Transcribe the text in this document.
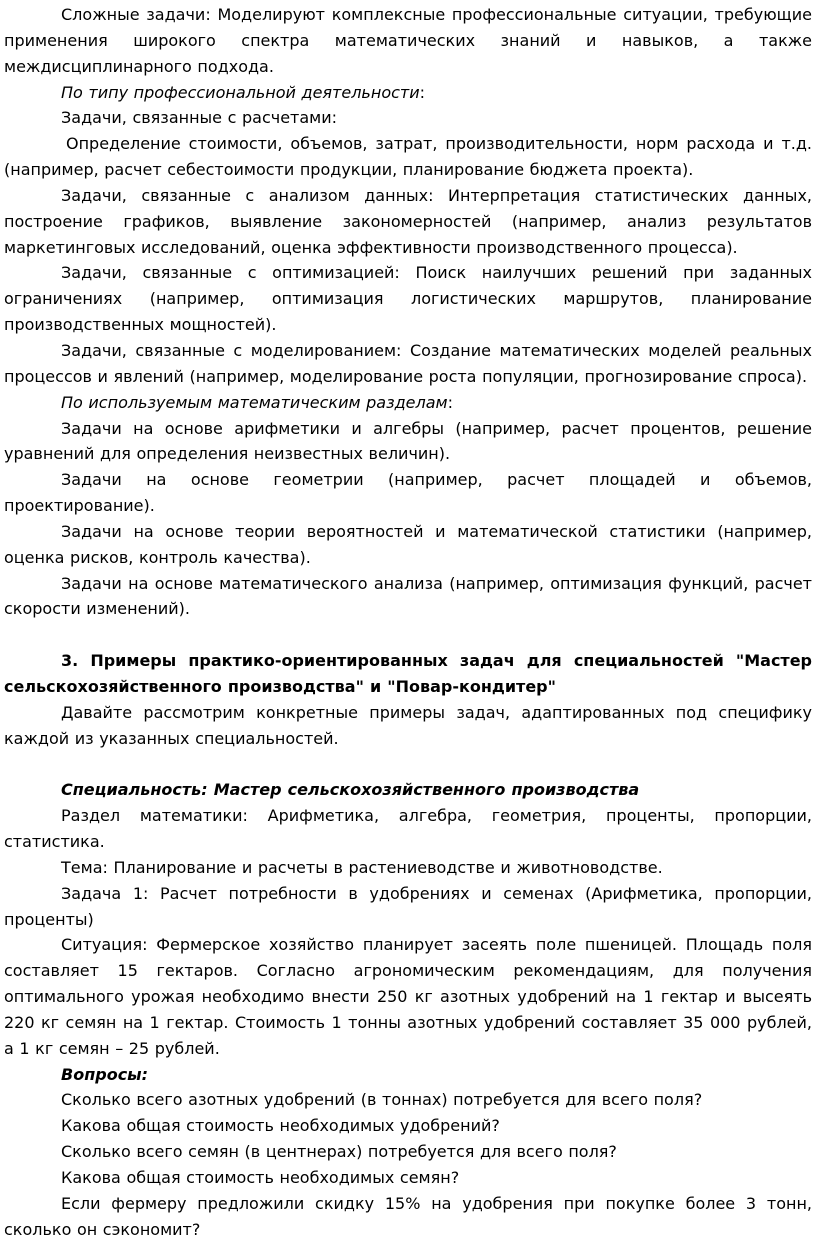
Сложные задачи: Моделируют комплексные профессиональные ситуации, требующие применения широкого спектра математических знаний и навыков, а также междисциплинарного подхода.

По типу профессиональной деятельности:

Задачи, связанные с расчетами:

Определение стоимости, объемов, затрат, производительности, норм расхода и т.д. (например, расчет себестоимости продукции, планирование бюджета проекта).

Задачи, связанные с анализом данных: Интерпретация статистических данных, построение графиков, выявление закономерностей (например, анализ результатов маркетинговых исследований, оценка эффективности производственного процесса).

Задачи, связанные с оптимизацией: Поиск наилучших решений при заданных ограничениях (например, оптимизация логистических маршрутов, планирование производственных мощностей).

Задачи, связанные с моделированием: Создание математических моделей реальных процессов и явлений (например, моделирование роста популяции, прогнозирование спроса).

По используемым математическим разделам:

Задачи на основе арифметики и алгебры (например, расчет процентов, решение уравнений для определения неизвестных величин).

Задачи на основе геометрии (например, расчет площадей и объемов, проектирование).

Задачи на основе теории вероятностей и математической статистики (например, оценка рисков, контроль качества).

Задачи на основе математического анализа (например, оптимизация функций, расчет скорости изменений).

3. Примеры практико-ориентированных задач для специальностей "Мастер сельскохозяйственного производства" и "Повар-кондитер"

Давайте рассмотрим конкретные примеры задач, адаптированных под специфику каждой из указанных специальностей.

Специальность: Мастер сельскохозяйственного производства

Раздел математики: Арифметика, алгебра, геометрия, проценты, пропорции, статистика.

Тема: Планирование и расчеты в растениеводстве и животноводстве.

Задача 1: Расчет потребности в удобрениях и семенах (Арифметика, пропорции, проценты)

Ситуация: Фермерское хозяйство планирует засеять поле пшеницей. Площадь поля составляет 15 гектаров. Согласно агрономическим рекомендациям, для получения оптимального урожая необходимо внести 250 кг азотных удобрений на 1 гектар и высеять 220 кг семян на 1 гектар. Стоимость 1 тонны азотных удобрений составляет 35 000 рублей, а 1 кг семян – 25 рублей.

Вопросы:

Сколько всего азотных удобрений (в тоннах) потребуется для всего поля?

Какова общая стоимость необходимых удобрений?

Сколько всего семян (в центнерах) потребуется для всего поля?

Какова общая стоимость необходимых семян?

Если фермеру предложили скидку 15% на удобрения при покупке более 3 тонн, сколько он сэкономит?
